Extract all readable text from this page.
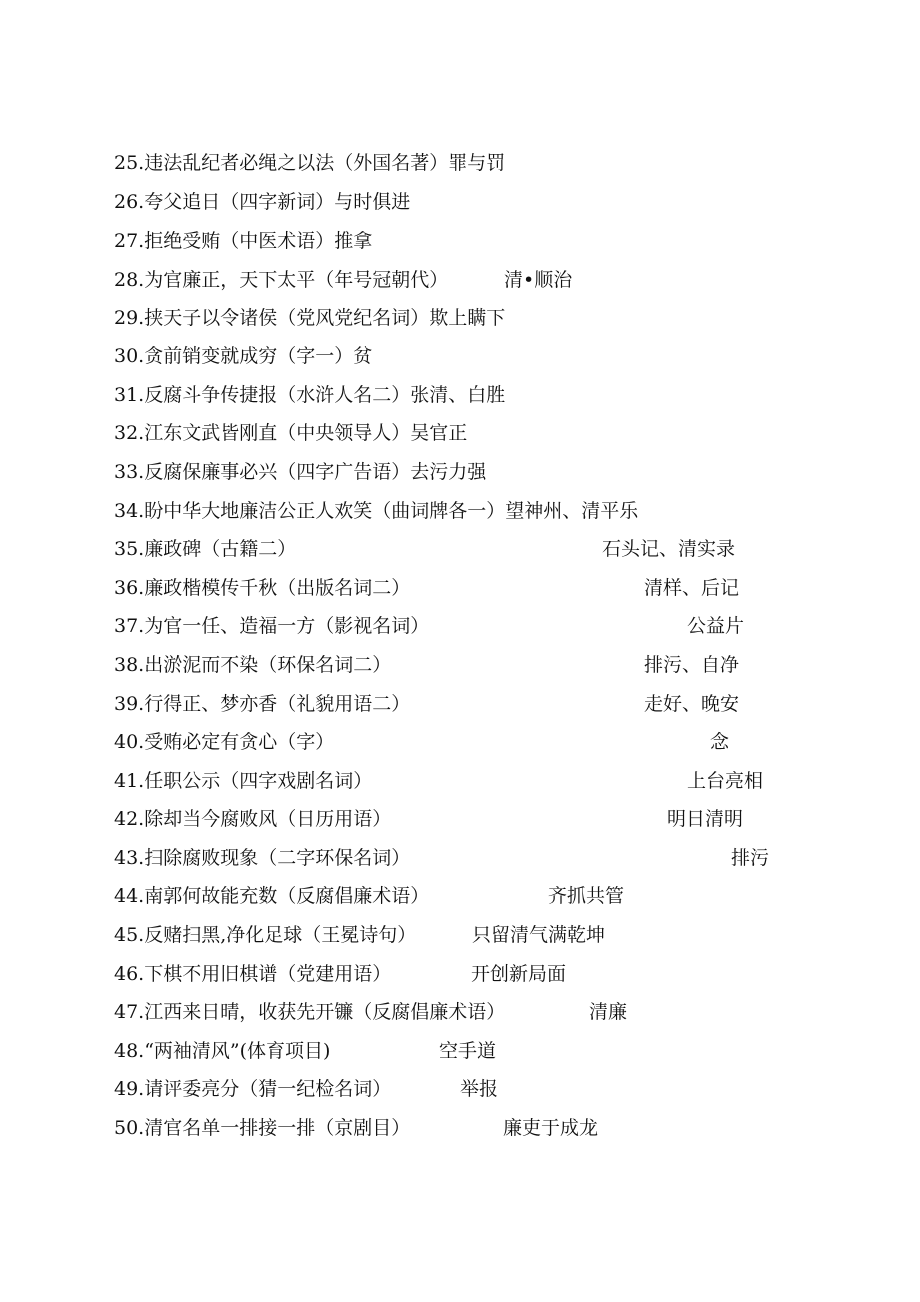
25.违法乱纪者必绳之以法（外国名著）罪与罚
26.夸父追日（四字新词）与时俱进
27.拒绝受贿（中医术语）推拿
28.为官廉正，天下太平（年号冠朝代）	清•顺治
29.挟天子以令诸侯（党风党纪名词）欺上瞒下
30.贪前销变就成穷（字一）贫
31.反腐斗争传捷报（水浒人名二）张清、白胜
32.江东文武皆刚直（中央领导人）吴官正
33.反腐保廉事必兴（四字广告语）去污力强
34.盼中华大地廉洁公正人欢笑（曲词牌各一）望神州、清平乐
35.廉政碑（古籍二）	石头记、清实录
36.廉政楷模传千秋（出版名词二）	清样、后记
37.为官一任、造福一方（影视名词）	公益片
38.出淤泥而不染（环保名词二）	排污、自净
39.行得正、梦亦香（礼貌用语二）	走好、晚安
40.受贿必定有贪心（字）	念
41.任职公示（四字戏剧名词）	上台亮相
42.除却当今腐败风（日历用语）	明日清明
43.扫除腐败现象（二字环保名词）	排污
44.南郭何故能充数（反腐倡廉术语）	齐抓共管
45.反赌扫黑,净化足球（王冕诗句）	只留清气满乾坤
46.下棋不用旧棋谱（党建用语）	开创新局面
47.江西来日晴，收获先开镰（反腐倡廉术语）	清廉
48.“两袖清风”(体育项目)	空手道
49.请评委亮分（猜一纪检名词）	举报
50.清官名单一排接一排（京剧目）	廉吏于成龙
